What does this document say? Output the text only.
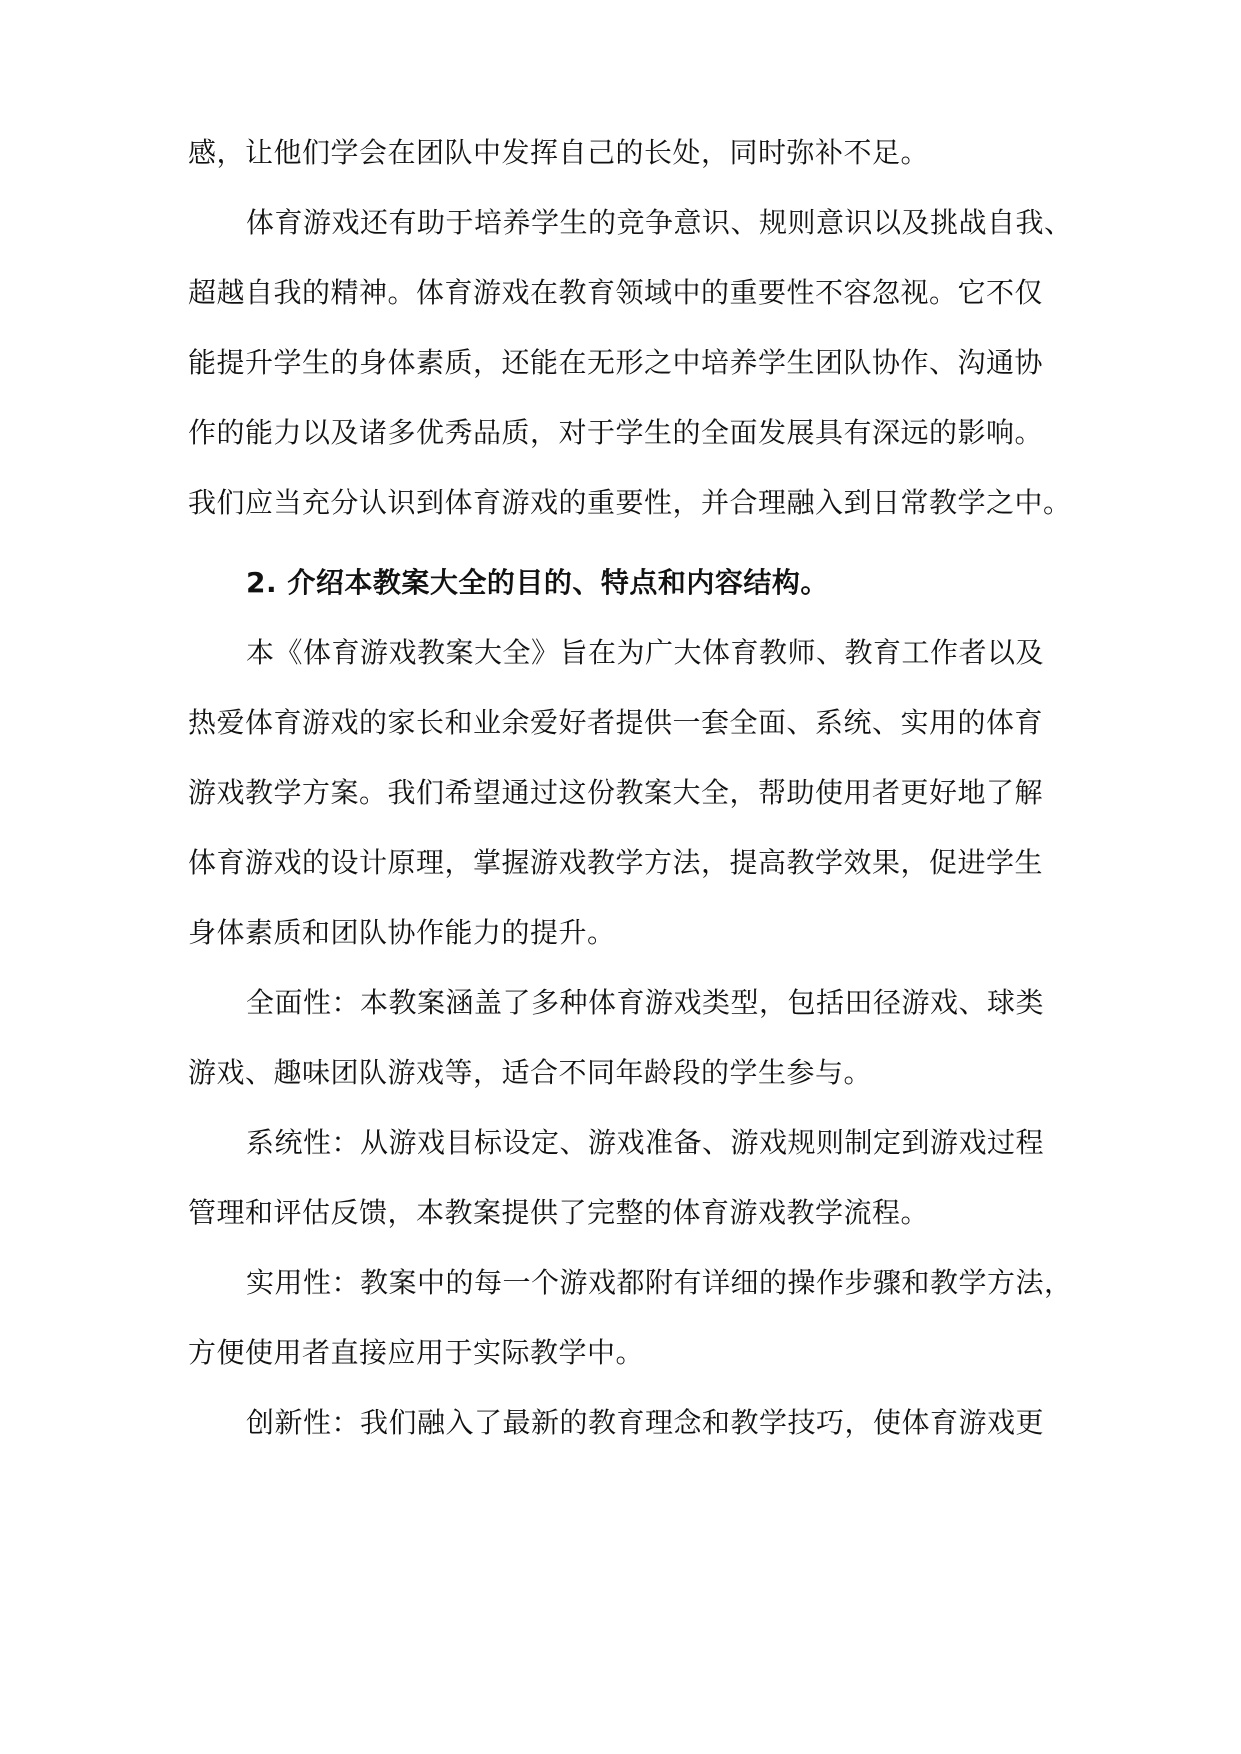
感，让他们学会在团队中发挥自己的长处，同时弥补不足。
体育游戏还有助于培养学生的竞争意识、规则意识以及挑战自我、
超越自我的精神。体育游戏在教育领域中的重要性不容忽视。它不仅
能提升学生的身体素质，还能在无形之中培养学生团队协作、沟通协
作的能力以及诸多优秀品质，对于学生的全面发展具有深远的影响。
我们应当充分认识到体育游戏的重要性，并合理融入到日常教学之中。
2. 介绍本教案大全的目的、特点和内容结构。
本《体育游戏教案大全》旨在为广大体育教师、教育工作者以及
热爱体育游戏的家长和业余爱好者提供一套全面、系统、实用的体育
游戏教学方案。我们希望通过这份教案大全，帮助使用者更好地了解
体育游戏的设计原理，掌握游戏教学方法，提高教学效果，促进学生
身体素质和团队协作能力的提升。
全面性：本教案涵盖了多种体育游戏类型，包括田径游戏、球类
游戏、趣味团队游戏等，适合不同年龄段的学生参与。
系统性：从游戏目标设定、游戏准备、游戏规则制定到游戏过程
管理和评估反馈，本教案提供了完整的体育游戏教学流程。
实用性：教案中的每一个游戏都附有详细的操作步骤和教学方法，
方便使用者直接应用于实际教学中。
创新性：我们融入了最新的教育理念和教学技巧，使体育游戏更
